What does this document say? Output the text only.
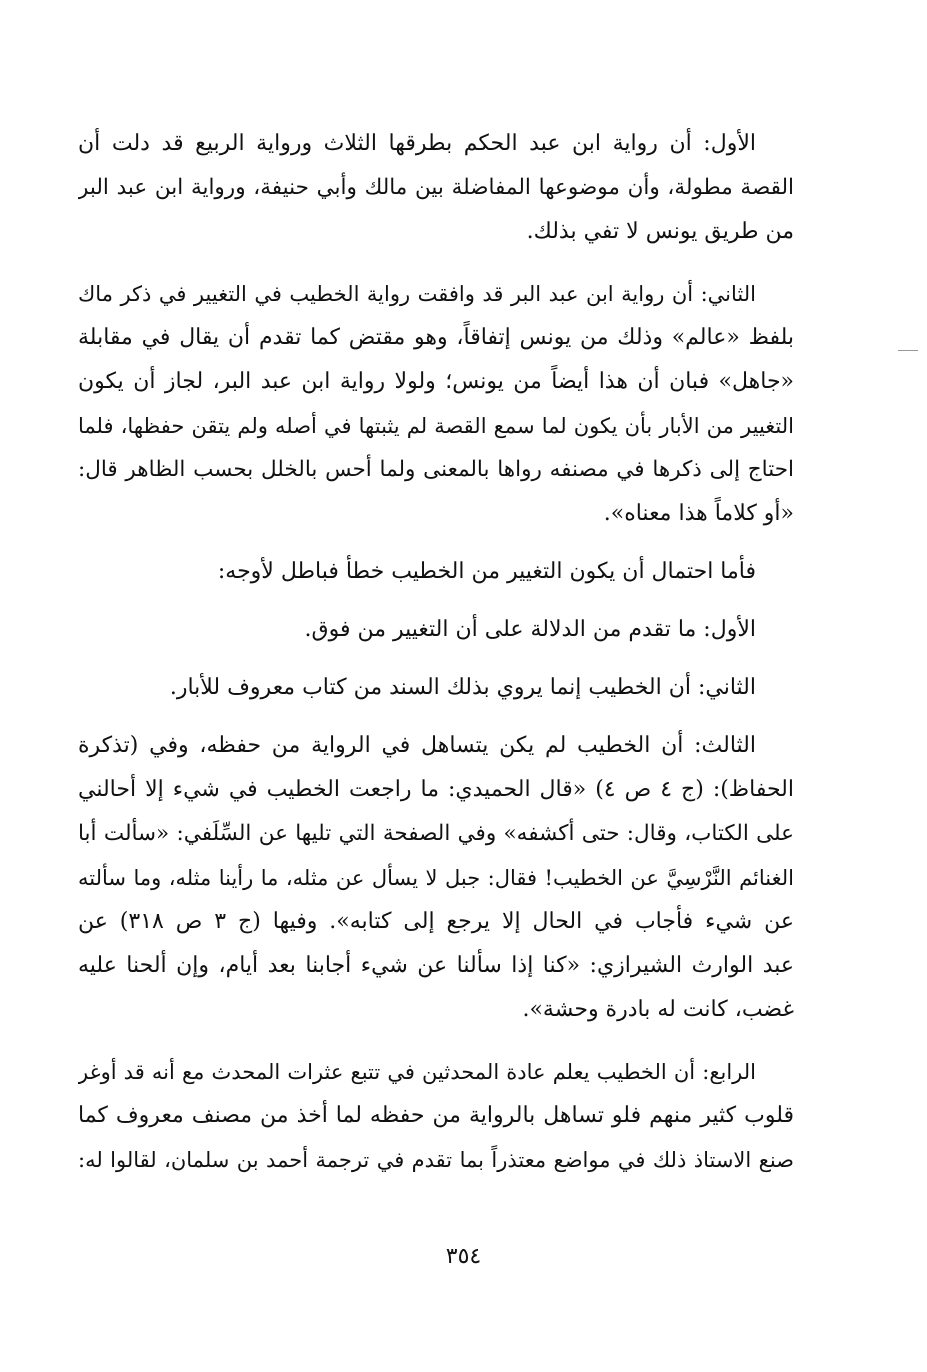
الأول: أن رواية ابن عبد الحكم بطرقها الثلاث ورواية الربيع قد دلت أن
القصة مطولة، وأن موضوعها المفاضلة بين مالك وأبي حنيفة، ورواية ابن عبد البر
من طريق يونس لا تفي بذلك.
الثاني: أن رواية ابن عبد البر قد وافقت رواية الخطيب في التغيير في ذكر ماك
بلفظ «عالم» وذلك من يونس إتفاقاً، وهو مقتض كما تقدم أن يقال في مقابلة
«جاهل» فبان أن هذا أيضاً من يونس؛ ولولا رواية ابن عبد البر، لجاز أن يكون
التغيير من الأبار بأن يكون لما سمع القصة لم يثبتها في أصله ولم يتقن حفظها، فلما
احتاج إلى ذكرها في مصنفه رواها بالمعنى ولما أحس بالخلل بحسب الظاهر قال:
«أو كلاماً هذا معناه».
فأما احتمال أن يكون التغيير من الخطيب خطأ فباطل لأوجه:
الأول: ما تقدم من الدلالة على أن التغيير من فوق.
الثاني: أن الخطيب إنما يروي بذلك السند من كتاب معروف للأبار.
الثالث: أن الخطيب لم يكن يتساهل في الرواية من حفظه، وفي (تذكرة
الحفاظ): (ج ٤ ص ٤) «قال الحميدي: ما راجعت الخطيب في شيء إلا أحالني
على الكتاب، وقال: حتى أكشفه» وفي الصفحة التي تليها عن السِّلَفي: «سألت أبا
الغنائم النَّرْسِيَّ عن الخطيب! فقال: جبل لا يسأل عن مثله، ما رأينا مثله، وما سألته
عن شيء فأجاب في الحال إلا يرجع إلى كتابه». وفيها (ج ٣ ص ٣١٨) عن
عبد الوارث الشيرازي: «كنا إذا سألنا عن شيء أجابنا بعد أيام، وإن ألحنا عليه
غضب، كانت له بادرة وحشة».
الرابع: أن الخطيب يعلم عادة المحدثين في تتبع عثرات المحدث مع أنه قد أوغر
قلوب كثير منهم فلو تساهل بالرواية من حفظه لما أخذ من مصنف معروف كما
صنع الاستاذ ذلك في مواضع معتذراً بما تقدم في ترجمة أحمد بن سلمان، لقالوا له:
٣٥٤
